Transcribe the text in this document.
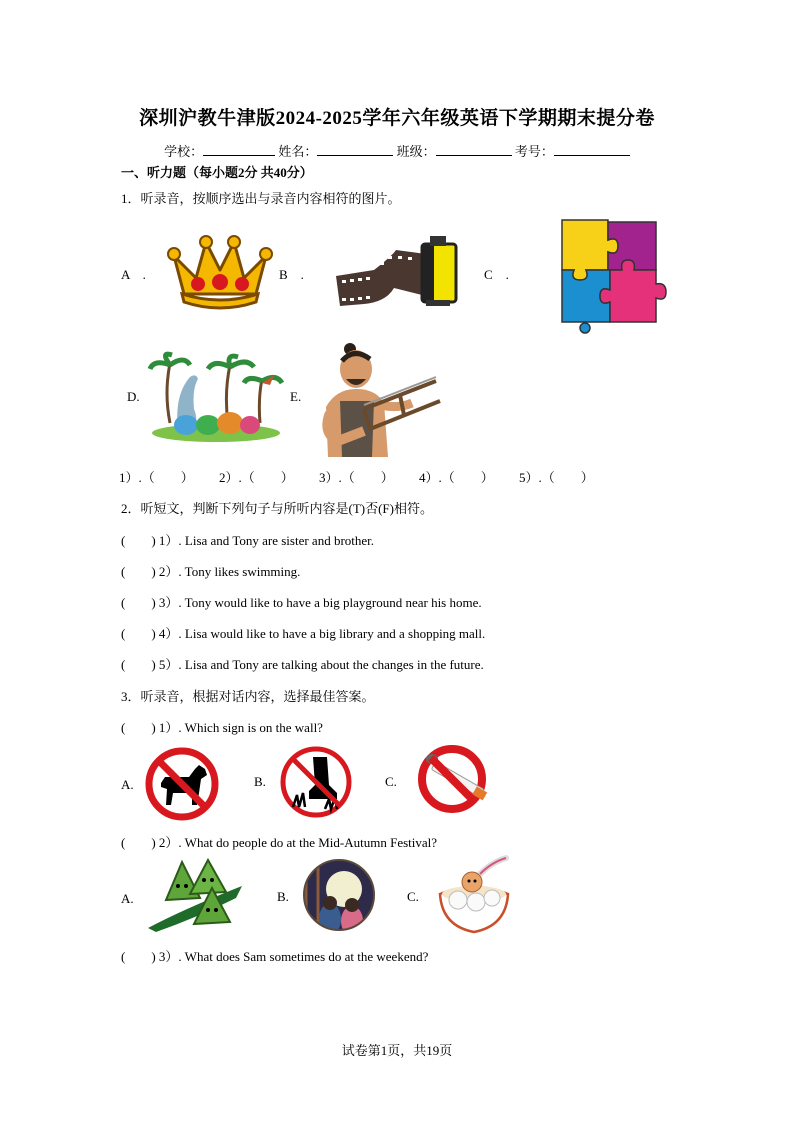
深圳沪教牛津版2024-2025学年六年级英语下学期期末提分卷
学校：	姓名：	班级：	考号：
一、听力题（每小题2分 共40分）
1．听录音，按顺序选出与录音内容相符的图片。
A　.	B　.	C　.
D.	E.
1）.（　　） 2）.（　　） 3）.（　　） 4）.（　　） 5）.（　　）
2．听短文，判断下列句子与所听内容是(T)否(F)相符。
(　　) 1）. Lisa and Tony are sister and brother.
(　　) 2）. Tony likes swimming.
(　　) 3）. Tony would like to have a big playground near his home.
(　　) 4）. Lisa would like to have a big library and a shopping mall.
(　　) 5）. Lisa and Tony are talking about the changes in the future.
3．听录音，根据对话内容，选择最佳答案。
(　　) 1）. Which sign is on the wall?
A.	B.	C.
(　　) 2）. What do people do at the Mid-Autumn Festival?
A.	B.	C.
(　　) 3）. What does Sam sometimes do at the weekend?
试卷第1页，共19页
